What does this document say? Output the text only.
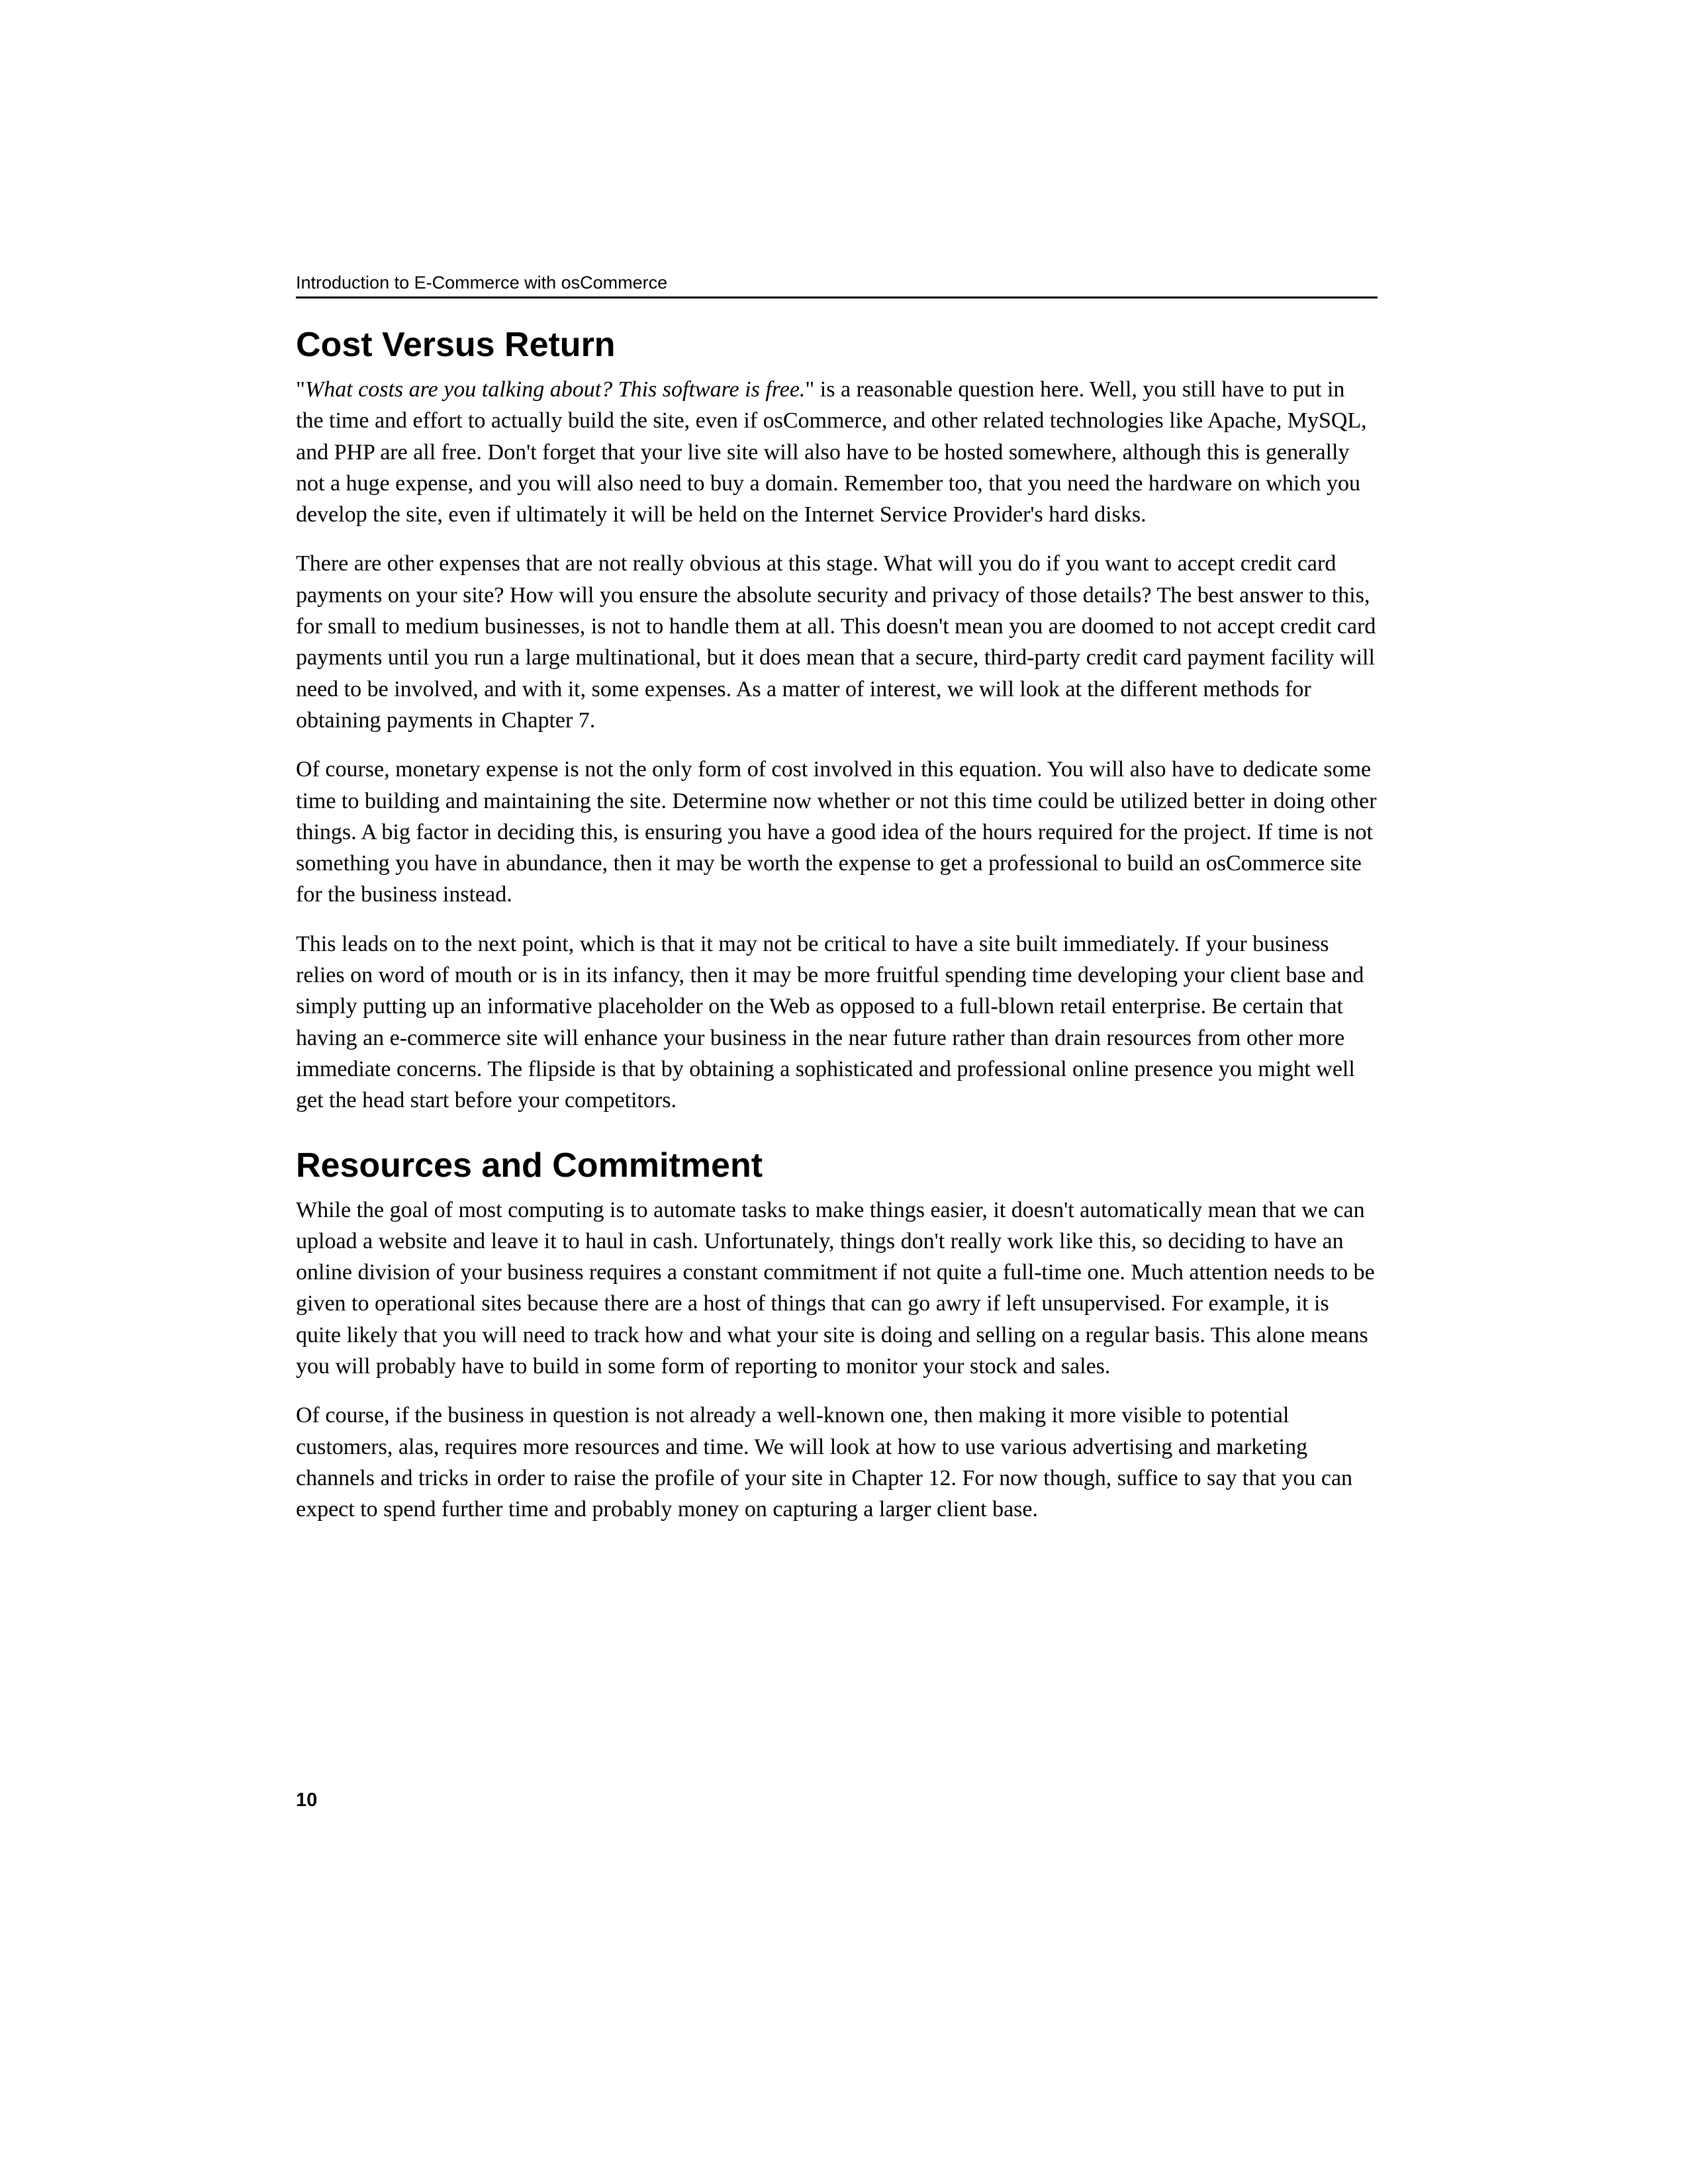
Introduction to E-Commerce with osCommerce
Cost Versus Return

"What costs are you talking about? This software is free." is a reasonable question here. Well, you still have to put in the time and effort to actually build the site, even if osCommerce, and other related technologies like Apache, MySQL, and PHP are all free. Don't forget that your live site will also have to be hosted somewhere, although this is generally not a huge expense, and you will also need to buy a domain. Remember too, that you need the hardware on which you develop the site, even if ultimately it will be held on the Internet Service Provider's hard disks.

There are other expenses that are not really obvious at this stage. What will you do if you want to accept credit card payments on your site? How will you ensure the absolute security and privacy of those details? The best answer to this, for small to medium businesses, is not to handle them at all. This doesn't mean you are doomed to not accept credit card payments until you run a large multinational, but it does mean that a secure, third-party credit card payment facility will need to be involved, and with it, some expenses. As a matter of interest, we will look at the different methods for obtaining payments in Chapter 7.

Of course, monetary expense is not the only form of cost involved in this equation. You will also have to dedicate some time to building and maintaining the site. Determine now whether or not this time could be utilized better in doing other things. A big factor in deciding this, is ensuring you have a good idea of the hours required for the project. If time is not something you have in abundance, then it may be worth the expense to get a professional to build an osCommerce site for the business instead.

This leads on to the next point, which is that it may not be critical to have a site built immediately. If your business relies on word of mouth or is in its infancy, then it may be more fruitful spending time developing your client base and simply putting up an informative placeholder on the Web as opposed to a full-blown retail enterprise. Be certain that having an e-commerce site will enhance your business in the near future rather than drain resources from other more immediate concerns. The flipside is that by obtaining a sophisticated and professional online presence you might well get the head start before your competitors.

Resources and Commitment

While the goal of most computing is to automate tasks to make things easier, it doesn't automatically mean that we can upload a website and leave it to haul in cash. Unfortunately, things don't really work like this, so deciding to have an online division of your business requires a constant commitment if not quite a full-time one. Much attention needs to be given to operational sites because there are a host of things that can go awry if left unsupervised. For example, it is quite likely that you will need to track how and what your site is doing and selling on a regular basis. This alone means you will probably have to build in some form of reporting to monitor your stock and sales.

Of course, if the business in question is not already a well-known one, then making it more visible to potential customers, alas, requires more resources and time. We will look at how to use various advertising and marketing channels and tricks in order to raise the profile of your site in Chapter 12. For now though, suffice to say that you can expect to spend further time and probably money on capturing a larger client base.

10
